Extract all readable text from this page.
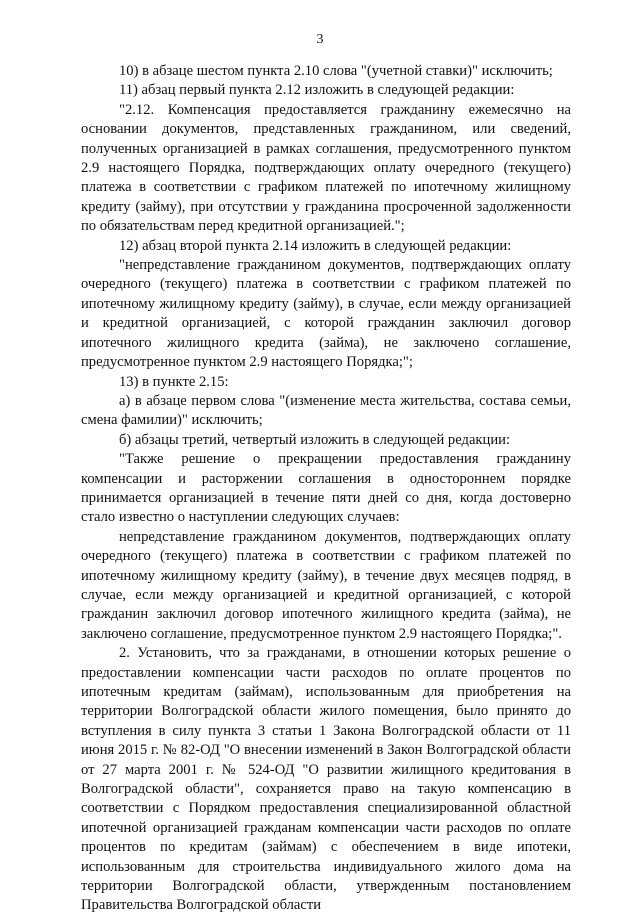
3

10) в абзаце шестом пункта 2.10 слова "(учетной ставки)" исключить;

11) абзац первый пункта 2.12 изложить в следующей редакции:

"2.12. Компенсация предоставляется гражданину ежемесячно на основании документов, представленных гражданином, или сведений, полученных организацией в рамках соглашения, предусмотренного пунктом 2.9 настоящего Порядка, подтверждающих оплату очередного (текущего) платежа в соответствии с графиком платежей по ипотечному жилищному кредиту (займу), при отсутствии у гражданина просроченной задолженности по обязательствам перед кредитной организацией.";

12) абзац второй пункта 2.14 изложить в следующей редакции:

"непредставление гражданином документов, подтверждающих оплату очередного (текущего) платежа в соответствии с графиком платежей по ипотечному жилищному кредиту (займу), в случае, если между организацией и кредитной организацией, с которой гражданин заключил договор ипотечного жилищного кредита (займа), не заключено соглашение, предусмотренное пунктом 2.9 настоящего Порядка;";

13) в пункте 2.15:

а) в абзаце первом слова "(изменение места жительства, состава семьи, смена фамилии)" исключить;

б) абзацы третий, четвертый изложить в следующей редакции:

"Также решение о прекращении предоставления гражданину компенсации и расторжении соглашения в одностороннем порядке принимается организацией в течение пяти дней со дня, когда достоверно стало известно о наступлении следующих случаев:

непредставление гражданином документов, подтверждающих оплату очередного (текущего) платежа в соответствии с графиком платежей по ипотечному жилищному кредиту (займу), в течение двух месяцев подряд, в случае, если между организацией и кредитной организацией, с которой гражданин заключил договор ипотечного жилищного кредита (займа), не заключено соглашение, предусмотренное пунктом 2.9 настоящего Порядка;".

2. Установить, что за гражданами, в отношении которых решение о предоставлении компенсации части расходов по оплате процентов по ипотечным кредитам (займам), использованным для приобретения на территории Волгоградской области жилого помещения, было принято до вступления в силу пункта 3 статьи 1 Закона Волгоградской области от 11 июня 2015 г. № 82-ОД "О внесении изменений в Закон Волгоградской области от 27 марта 2001 г. № 524-ОД "О развитии жилищного кредитования в Волгоградской области", сохраняется право на такую компенсацию в соответствии с Порядком предоставления специализированной областной ипотечной организацией гражданам компенсации части расходов по оплате процентов по кредитам (займам) с обеспечением в виде ипотеки, использованным для строительства индивидуального жилого дома на территории Волгоградской области, утвержденным постановлением Правительства Волгоградской области
